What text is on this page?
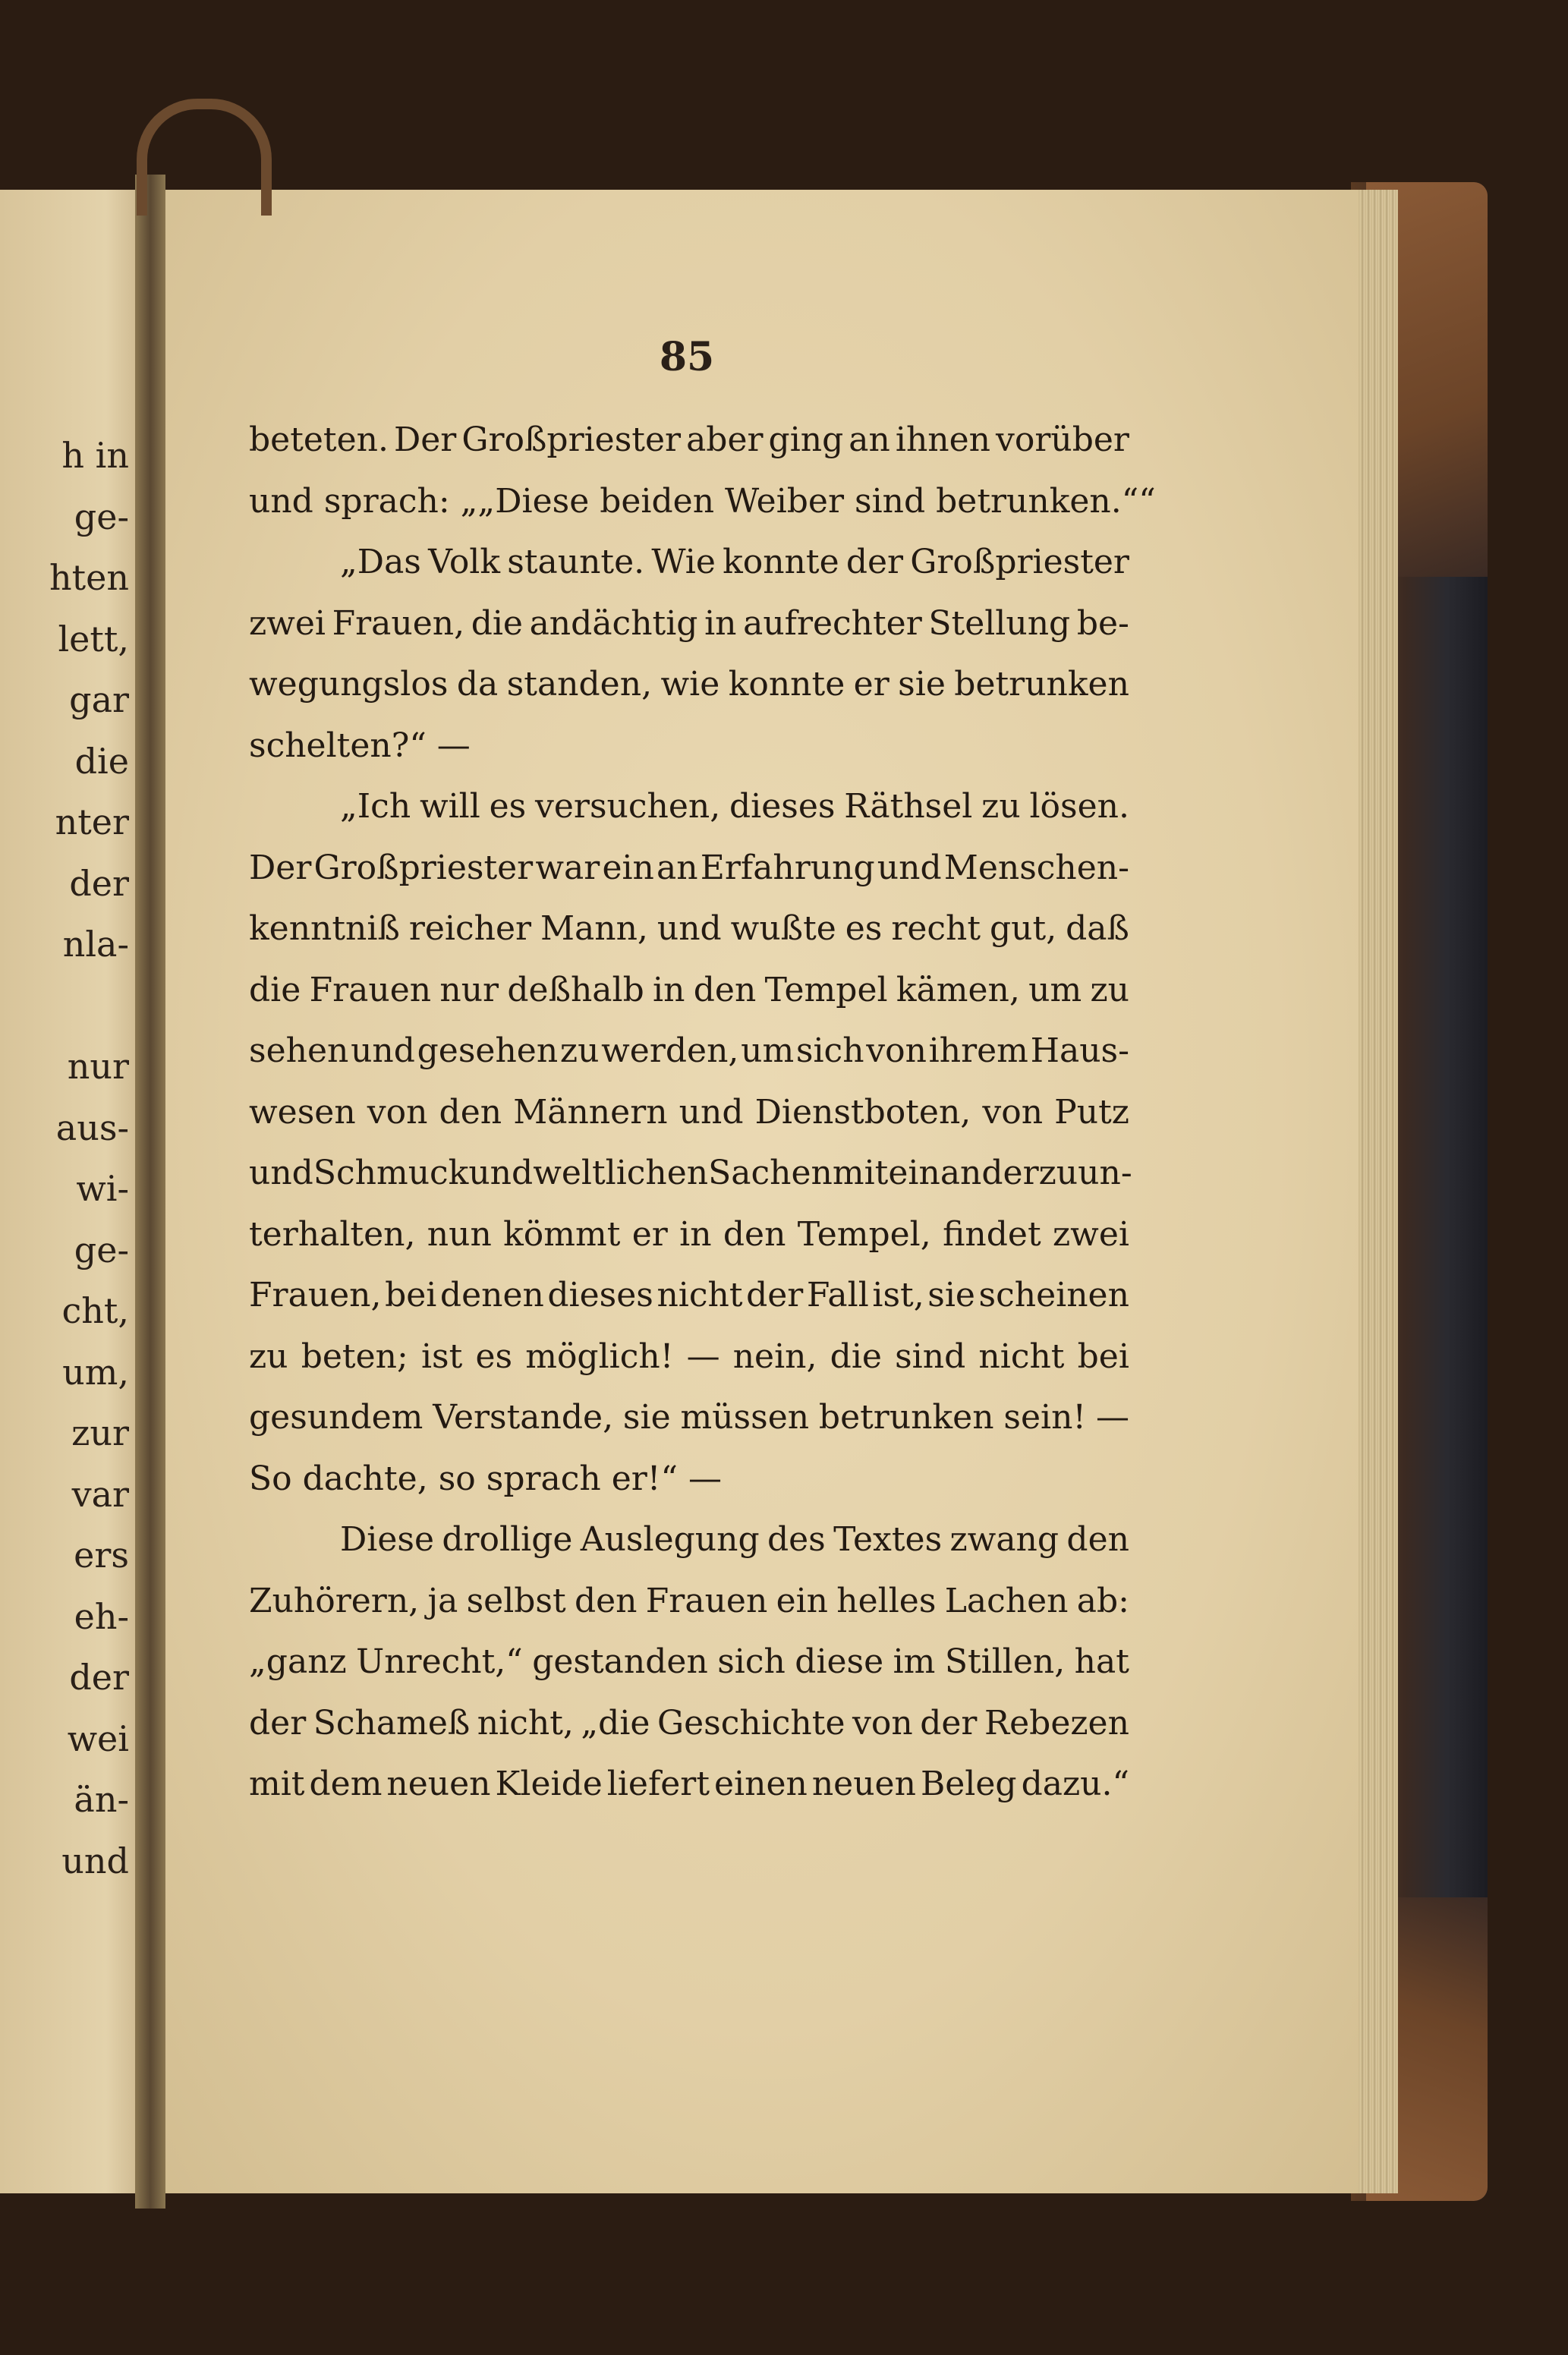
h in
ge-
hten
lett,
gar
die
nter
der
nla-
nur
aus-
wi-
ge-
cht,
um,
zur
var
ers
eh-
der
wei
än-
und
85
beteten. Der Großpriester aber ging an ihnen vorüber
und sprach: „„Diese beiden Weiber sind betrunken.““
„Das Volk staunte. Wie konnte der Großpriester
zwei Frauen, die andächtig in aufrechter Stellung be-
wegungslos da standen, wie konnte er sie betrunken
schelten?“ —
„Ich will es versuchen, dieses Räthsel zu lösen.
Der Großpriester war ein an Erfahrung und Menschen-
kenntniß reicher Mann, und wußte es recht gut, daß
die Frauen nur deßhalb in den Tempel kämen, um zu
sehen und gesehen zu werden, um sich von ihrem Haus-
wesen von den Männern und Dienstboten, von Putz
und Schmuck und weltlichen Sachen miteinander zu un-
terhalten, nun kömmt er in den Tempel, findet zwei
Frauen, bei denen dieses nicht der Fall ist, sie scheinen
zu beten; ist es möglich! — nein, die sind nicht bei
gesundem Verstande, sie müssen betrunken sein! —
So dachte, so sprach er!“ —
Diese drollige Auslegung des Textes zwang den
Zuhörern, ja selbst den Frauen ein helles Lachen ab:
„ganz Unrecht,“ gestanden sich diese im Stillen, hat
der Schameß nicht, „die Geschichte von der Rebezen
mit dem neuen Kleide liefert einen neuen Beleg dazu.“
